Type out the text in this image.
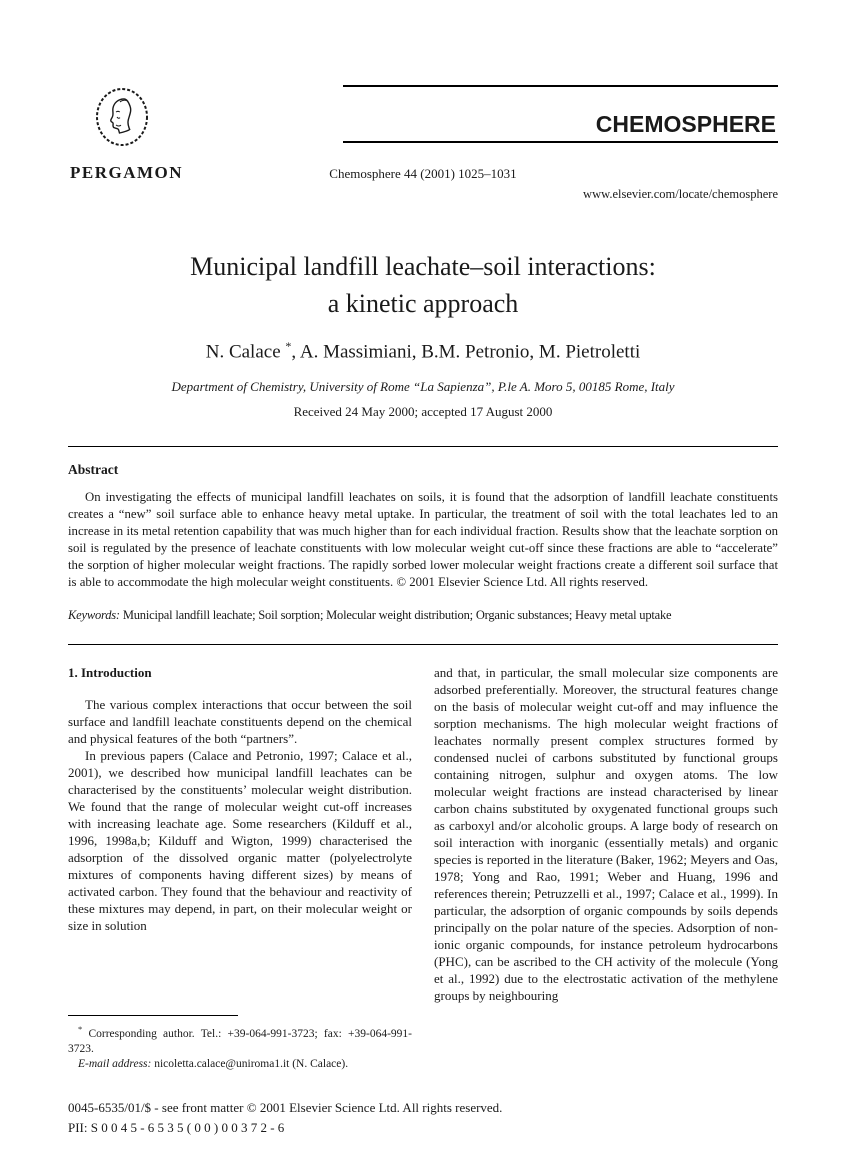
CHEMOSPHERE
PERGAMON	Chemosphere 44 (2001) 1025–1031
www.elsevier.com/locate/chemosphere
Municipal landfill leachate–soil interactions:
a kinetic approach
N. Calace *, A. Massimiani, B.M. Petronio, M. Pietroletti
Department of Chemistry, University of Rome “La Sapienza”, P.le A. Moro 5, 00185 Rome, Italy
Received 24 May 2000; accepted 17 August 2000
Abstract

On investigating the effects of municipal landfill leachates on soils, it is found that the adsorption of landfill leachate constituents creates a “new” soil surface able to enhance heavy metal uptake. In particular, the treatment of soil with the total leachates led to an increase in its metal retention capability that was much higher than for each individual fraction. Results show that the leachate sorption on soil is regulated by the presence of leachate constituents with low molecular weight cut-off since these fractions are able to “accelerate” the sorption of higher molecular weight fractions. The rapidly sorbed lower molecular weight fractions create a different soil surface that is able to accommodate the high molecular weight constituents. © 2001 Elsevier Science Ltd. All rights reserved.

Keywords: Municipal landfill leachate; Soil sorption; Molecular weight distribution; Organic substances; Heavy metal uptake

1. Introduction

The various complex interactions that occur between the soil surface and landfill leachate constituents depend on the chemical and physical features of the both “partners”.

In previous papers (Calace and Petronio, 1997; Calace et al., 2001), we described how municipal landfill leachates can be characterised by the constituents’ molecular weight distribution. We found that the range of molecular weight cut-off increases with increasing leachate age. Some researchers (Kilduff et al., 1996, 1998a,b; Kilduff and Wigton, 1999) characterised the adsorption of the dissolved organic matter (polyelectrolyte mixtures of components having different sizes) by means of activated carbon. They found that the behaviour and reactivity of these mixtures may depend, in part, on their molecular weight or size in solution

* Corresponding author. Tel.: +39-064-991-3723; fax: +39-064-991-3723.

E-mail address: nicoletta.calace@uniroma1.it (N. Calace).

and that, in particular, the small molecular size components are adsorbed preferentially. Moreover, the structural features change on the basis of molecular weight cut-off and may influence the sorption mechanisms. The high molecular weight fractions of leachates normally present complex structures formed by condensed nuclei of carbons substituted by functional groups containing nitrogen, sulphur and oxygen atoms. The low molecular weight fractions are instead characterised by linear carbon chains substituted by oxygenated functional groups such as carboxyl and/or alcoholic groups. A large body of research on soil interaction with inorganic (essentially metals) and organic species is reported in the literature (Baker, 1962; Meyers and Oas, 1978; Yong and Rao, 1991; Weber and Huang, 1996 and references therein; Petruzzelli et al., 1997; Calace et al., 1999). In particular, the adsorption of organic compounds by soils depends principally on the polar nature of the species. Adsorption of non-ionic organic compounds, for instance petroleum hydrocarbons (PHC), can be ascribed to the CH activity of the molecule (Yong et al., 1992) due to the electrostatic activation of the methylene groups by neighbouring

0045-6535/01/$ - see front matter © 2001 Elsevier Science Ltd. All rights reserved.

PII: S 0 0 4 5 - 6 5 3 5 ( 0 0 ) 0 0 3 7 2 - 6
